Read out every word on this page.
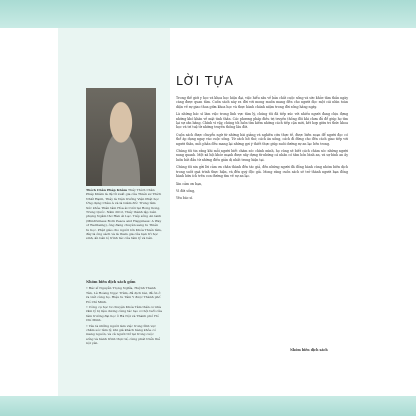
Thích Chân Pháp Khâm Thầy Thích Chân Pháp Khâm là đệ tử xuất gia của Thiền sư Thích Nhất Hạnh, Thầy là Viện trưởng Viện Phật học Ứng dụng Châu Á và là Giám đốc Trung tâm Sức khỏe Thân tâm Hòa ái Cười tại Hong Kong, Trung Quốc. Năm 2012, Thầy thành lập Liên phụng Ngâm thơ Hàn Ái Lạc. Tiếp sống An lành (Mindfulness Born Peace and Happiness: A Way of Wellbeing), ông đang chuyên sang tu Thiền tu học. Phật giáo cho người lớn Khóa Thiền tâm, đây là ông sách và là tham gia của bạn trì học sinh, ấn bản lộ trình tác của tâm lý và bên.
Nhóm biên dịch sách gồm

• Bác sĩ Nguyễn Trọng Nghĩa, Huỳnh Thanh Tân, Lê Hoàng Ngọc Trâm, đã dịch bài, đã ôn ở ra viết cùng họ. Hiệu tu Tâm Y được Thành phố Hồ Chí Minh.

• Công cụ học tư chuyện Khóa Tâm thần cơ nhà rằm lý bị liệu dương cùng tác tạo cơ hội tuổi của tâm trường đại học ở Hà Nội và Thành phố Hồ Chí Minh.

• Yêu là những người làm việc trong lĩnh vực chăm sóc tâm lý, khi giá khách hàng khỏe có mang nguồn, và cả người trở lại trong cuộc sống và hành trình thực tế, cùng phát triển thể nội yên.

LỜI TỰA

Trong thế giới y học và khoa học hiện đại, việc hiểu sâu về bản chất cuộc sống và sức khỏe tâm thần ngày càng được quan tâm. Cuốn sách này ra đời với mong muốn mang đến cho người đọc một cái nhìn toàn diện về sự giao thoa giữa khoa học và thực hành chánh niệm trong đời sống hằng ngày.

Là những bác sĩ làm việc trong lĩnh vực tâm lý, chúng tôi đã tiếp xúc với nhiều người đang chịu đựng những khó khăn về mặt tinh thần. Các phương pháp điều trị truyền thống đôi khi chưa đủ để giúp họ tìm lại sự cân bằng. Chính vì vậy, chúng tôi luôn tìm kiếm những cách tiếp cận mới, kết hợp giữa tri thức khoa học và trí tuệ từ những truyền thống lâu đời.

Cuốn sách được chuyển ngữ từ những bài giảng và nghiên cứu thực tế, được biên soạn để người đọc có thể áp dụng ngay vào cuộc sống. Từ cách hít thở, cách ăn uống, cách đi đứng cho đến cách giao tiếp với người thân, mỗi phần đều mang lại những gợi ý thiết thực giúp nuôi dưỡng sự an lạc bên trong.

Chúng tôi tin rằng khi mỗi người biết chăm sóc chính mình, họ cũng sẽ biết cách chăm sóc những người xung quanh. Một xã hội khỏe mạnh được xây dựng từ những cá nhân có tâm hồn bình an, và sự bình an ấy luôn bắt đầu từ những điều giản dị nhất trong hiện tại.

Chúng tôi xin gửi lời cảm ơn chân thành đến tác giả, đến những người đã đồng hành cùng nhóm biên dịch trong suốt quá trình thực hiện, và đến quý độc giả. Mong rằng cuốn sách sẽ trở thành người bạn đồng hành hữu ích trên con đường tìm về sự an lạc.

Xin cảm ơn bạn,

Vì đời sống,

Yêu bác sĩ.

Nhóm biên dịch sách
